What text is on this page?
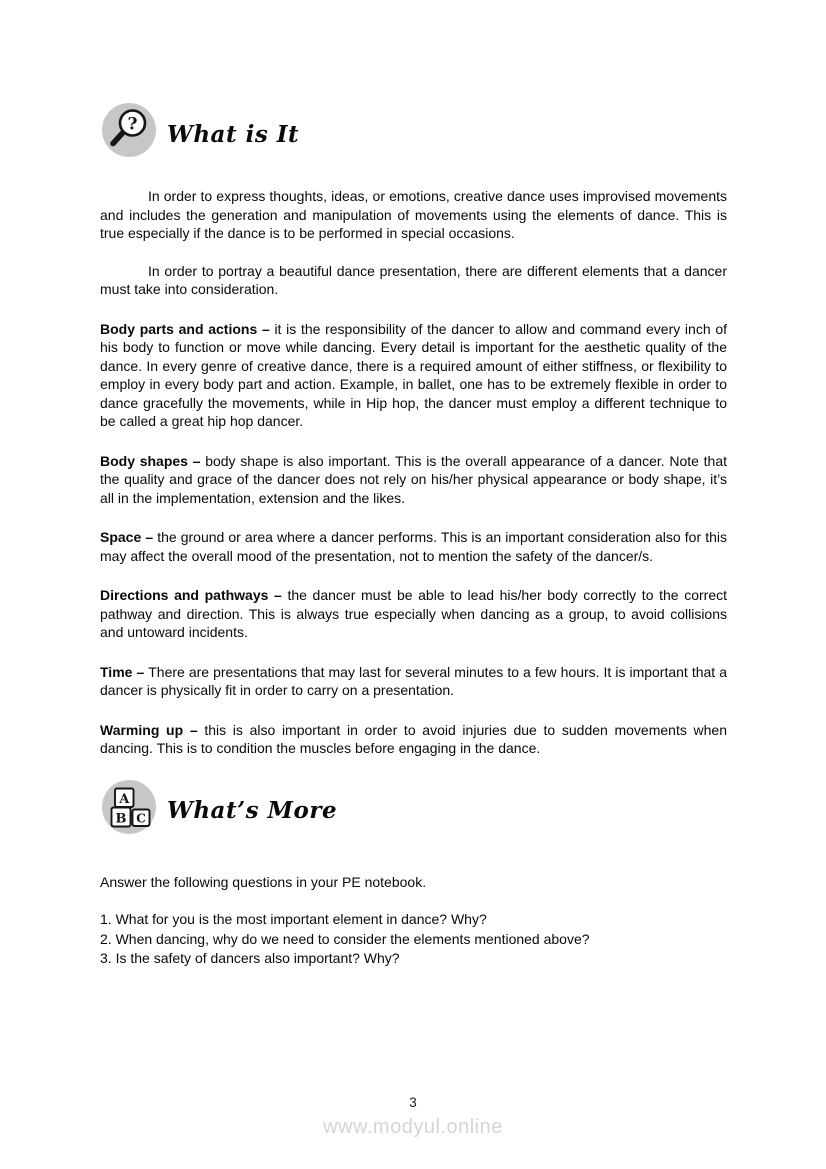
? What is It

In order to express thoughts, ideas, or emotions, creative dance uses improvised movements and includes the generation and manipulation of movements using the elements of dance. This is true especially if the dance is to be performed in special occasions.

In order to portray a beautiful dance presentation, there are different elements that a dancer must take into consideration.

Body parts and actions – it is the responsibility of the dancer to allow and command every inch of his body to function or move while dancing. Every detail is important for the aesthetic quality of the dance. In every genre of creative dance, there is a required amount of either stiffness, or flexibility to employ in every body part and action. Example, in ballet, one has to be extremely flexible in order to dance gracefully the movements, while in Hip hop, the dancer must employ a different technique to be called a great hip hop dancer.

Body shapes – body shape is also important. This is the overall appearance of a dancer. Note that the quality and grace of the dancer does not rely on his/her physical appearance or body shape, it’s all in the implementation, extension and the likes.

Space – the ground or area where a dancer performs. This is an important consideration also for this may affect the overall mood of the presentation, not to mention the safety of the dancer/s.

Directions and pathways – the dancer must be able to lead his/her body correctly to the correct pathway and direction. This is always true especially when dancing as a group, to avoid collisions and untoward incidents.

Time – There are presentations that may last for several minutes to a few hours. It is important that a dancer is physically fit in order to carry on a presentation.

Warming up – this is also important in order to avoid injuries due to sudden movements when dancing. This is to condition the muscles before engaging in the dance.

A
B C What’s More

Answer the following questions in your PE notebook.

1. What for you is the most important element in dance? Why?
2. When dancing, why do we need to consider the elements mentioned above?
3. Is the safety of dancers also important? Why?
3
www.modyul.online
